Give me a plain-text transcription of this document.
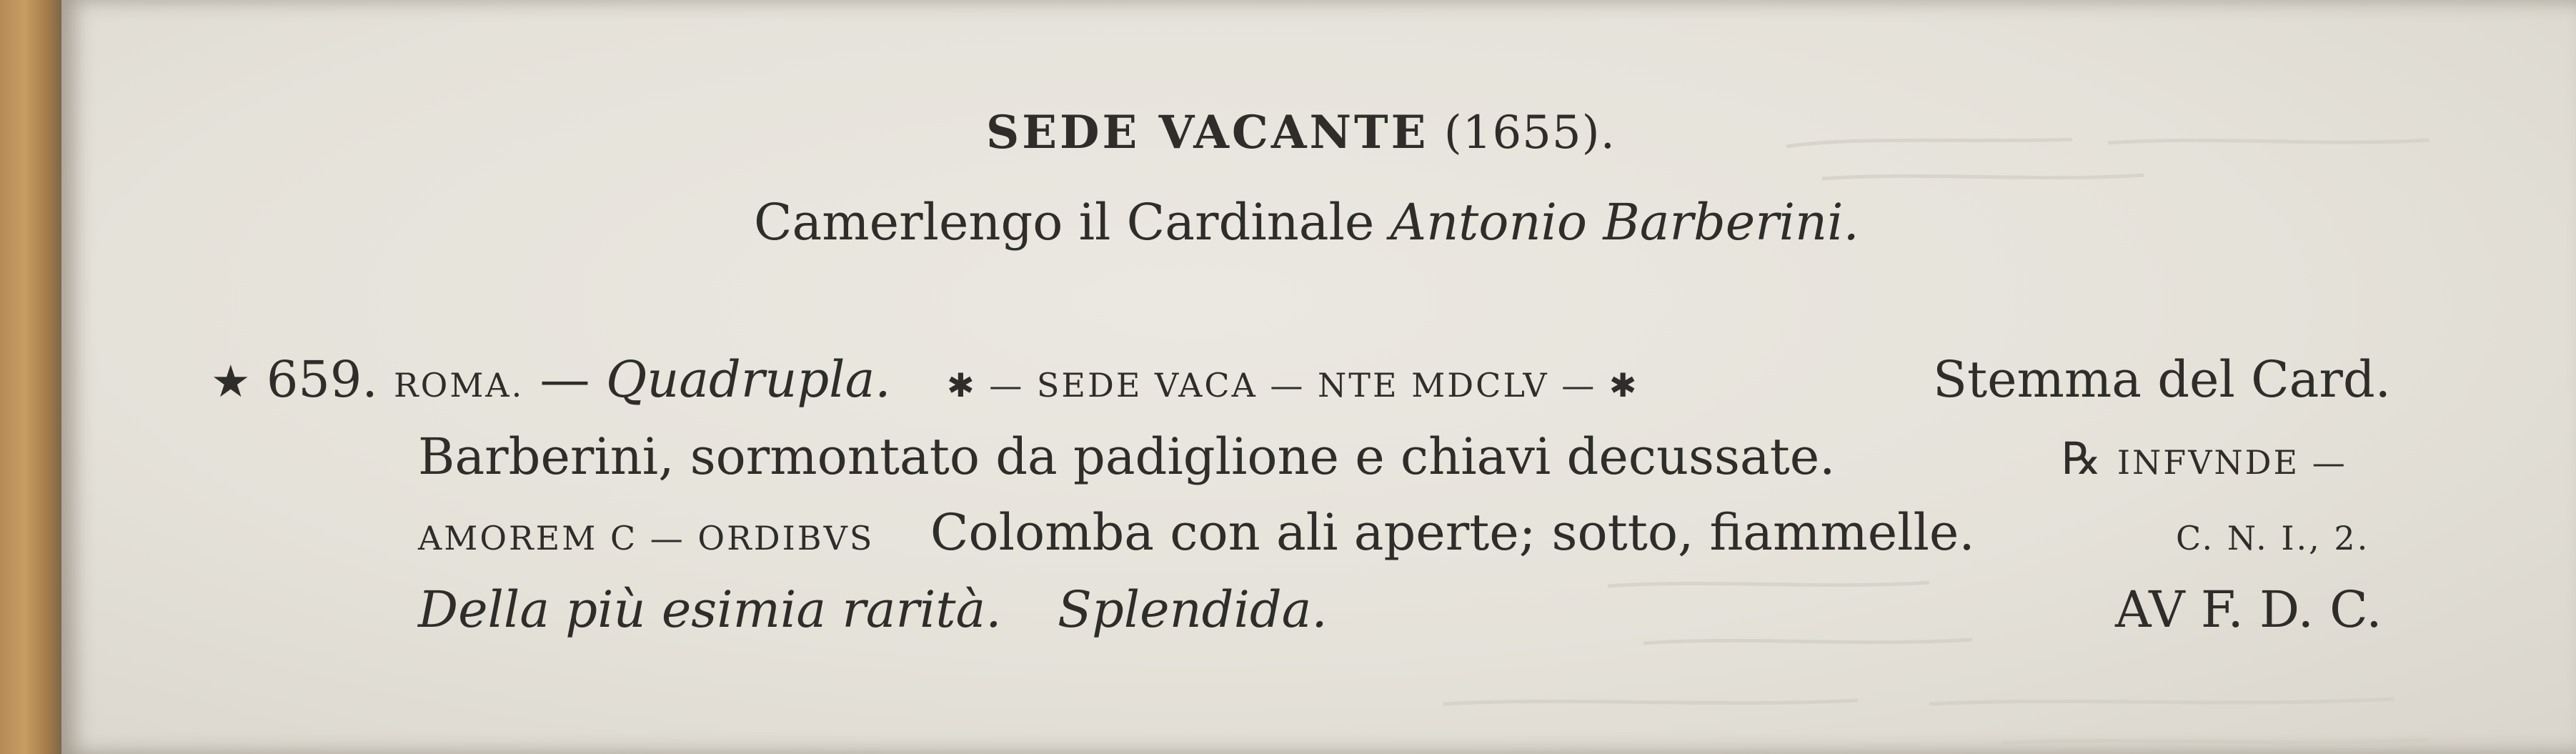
SEDE VACANTE (1655).
Camerlengo il Cardinale Antonio Barberini.
★ 659. ROMA. — Quadrupla. ✱ — SEDE VACA — NTE MDCLV — ✱	Stemma del Card.
Barberini, sormontato da padiglione e chiavi decussate.	℞ INFVNDE —
AMOREM C — ORDIBVS Colomba con ali aperte; sotto, fiammelle.	C. N. I., 2.
Della più esimia rarità. Splendida.	AV F. D. C.
